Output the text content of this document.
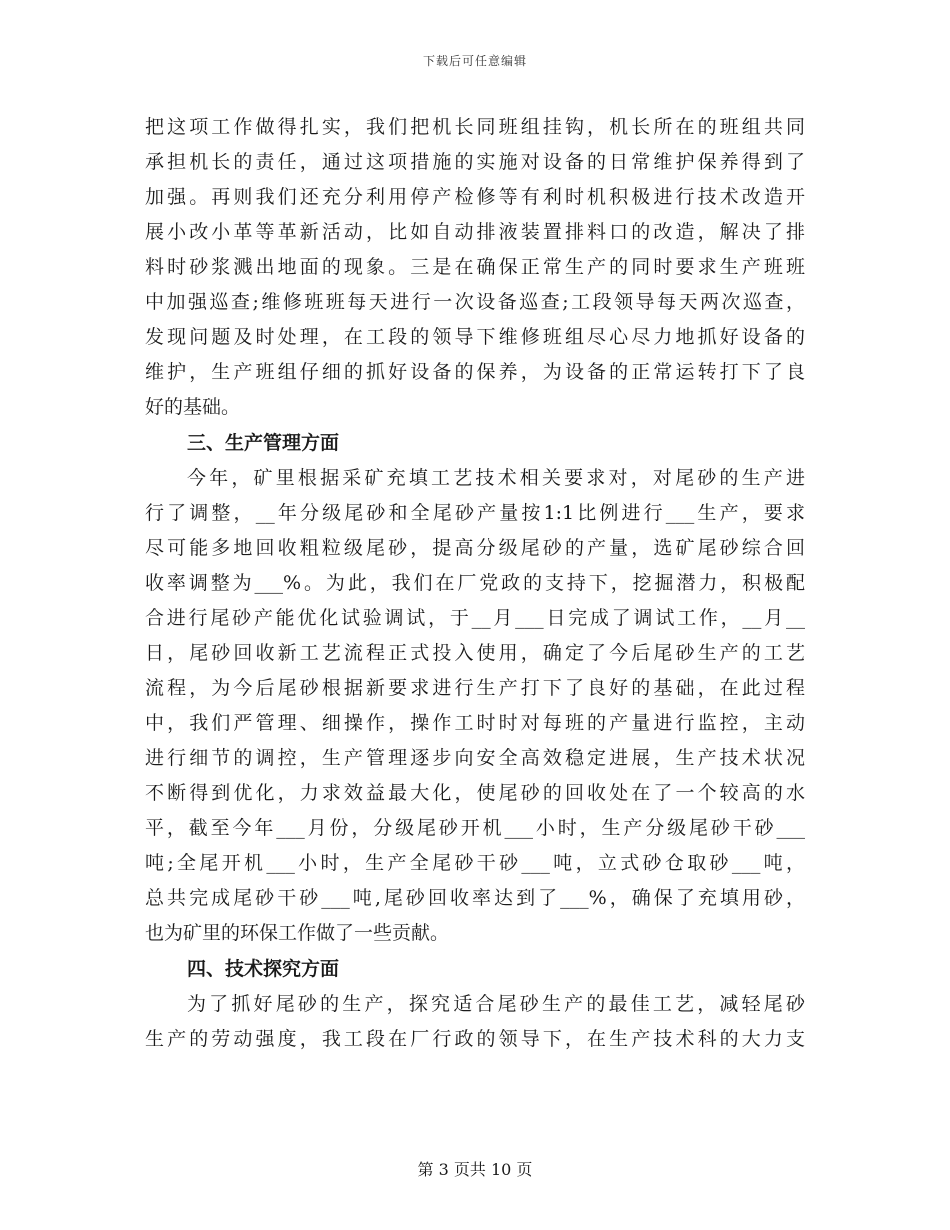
下载后可任意编辑
把这项工作做得扎实，我们把机长同班组挂钩，机长所在的班组共同
承担机长的责任，通过这项措施的实施对设备的日常维护保养得到了
加强。再则我们还充分利用停产检修等有利时机积极进行技术改造开
展小改小革等革新活动，比如自动排液装置排料口的改造，解决了排
料时砂浆溅出地面的现象。三是在确保正常生产的同时要求生产班班
中加强巡查;维修班班每天进行一次设备巡查;工段领导每天两次巡查，
发现问题及时处理，在工段的领导下维修班组尽心尽力地抓好设备的
维护，生产班组仔细的抓好设备的保养，为设备的正常运转打下了良
好的基础。
三、生产管理方面
今年，矿里根据采矿充填工艺技术相关要求对，对尾砂的生产进
行了调整，__年分级尾砂和全尾砂产量按1:1比例进行___生产，要求
尽可能多地回收粗粒级尾砂，提高分级尾砂的产量，选矿尾砂综合回
收率调整为___%。为此，我们在厂党政的支持下，挖掘潜力，积极配
合进行尾砂产能优化试验调试，于__月___日完成了调试工作，__月__
日，尾砂回收新工艺流程正式投入使用，确定了今后尾砂生产的工艺
流程，为今后尾砂根据新要求进行生产打下了良好的基础，在此过程
中，我们严管理、细操作，操作工时时对每班的产量进行监控，主动
进行细节的调控，生产管理逐步向安全高效稳定进展，生产技术状况
不断得到优化，力求效益最大化，使尾砂的回收处在了一个较高的水
平，截至今年___月份，分级尾砂开机___小时，生产分级尾砂干砂___
吨;全尾开机___小时，生产全尾砂干砂___吨，立式砂仓取砂___吨，
总共完成尾砂干砂___吨,尾砂回收率达到了___%，确保了充填用砂，
也为矿里的环保工作做了一些贡献。
四、技术探究方面
为了抓好尾砂的生产，探究适合尾砂生产的最佳工艺，减轻尾砂
生产的劳动强度，我工段在厂行政的领导下，在生产技术科的大力支
第 3 页共 10 页
